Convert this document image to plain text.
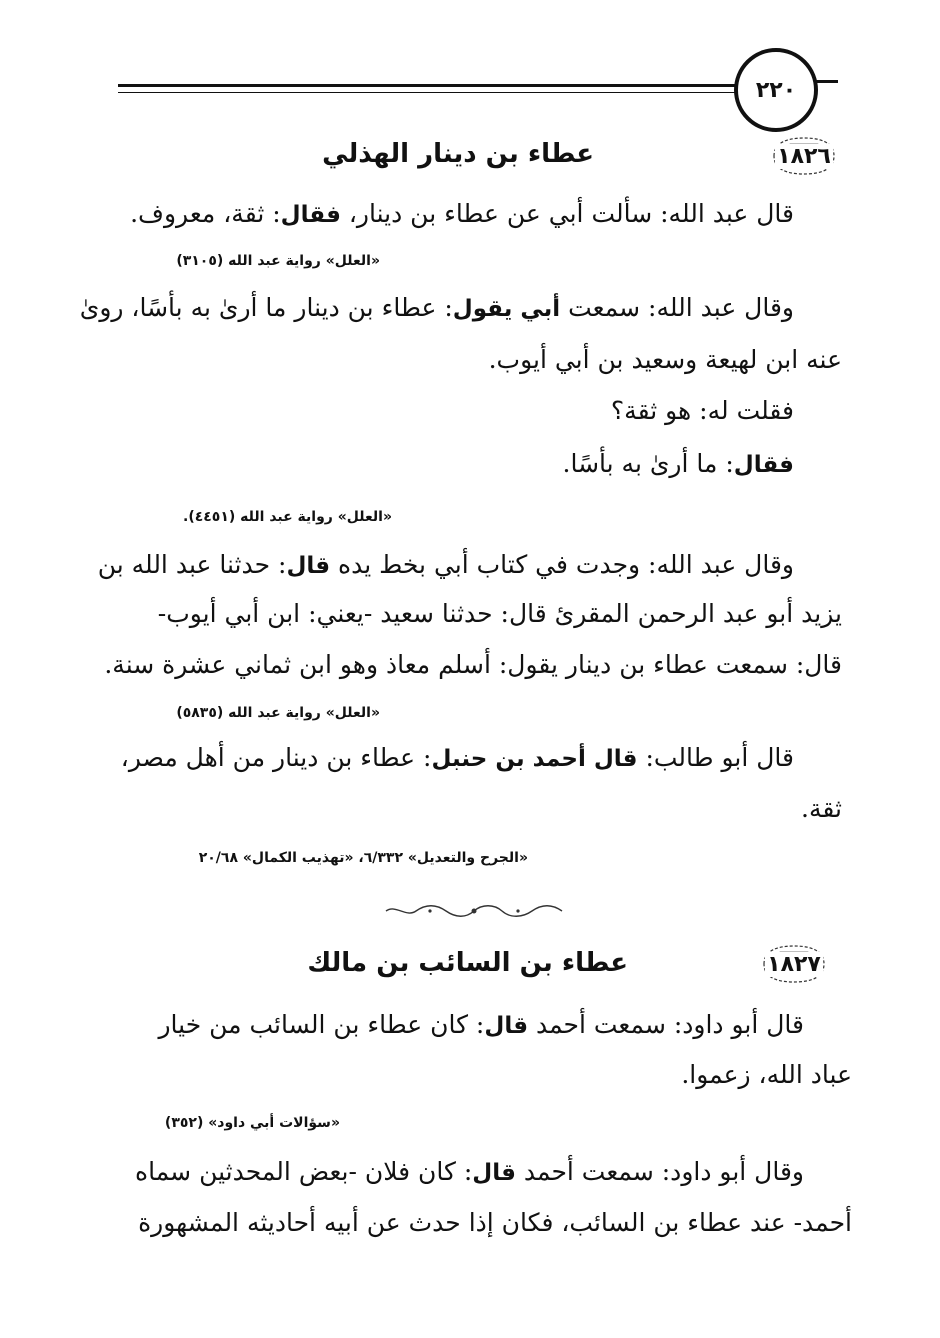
٢٢٠
١٨٢٦
عطاء بن دينار الهذلي
قال عبد الله: سألت أبي عن عطاء بن دينار، فقال: ثقة، معروف.
«العلل» رواية عبد الله (٣١٠٥)
وقال عبد الله: سمعت أبي يقول: عطاء بن دينار ما أرىٰ به بأسًا، روىٰ
عنه ابن لهيعة وسعيد بن أبي أيوب.
فقلت له: هو ثقة؟
فقال: ما أرىٰ به بأسًا.
«العلل» رواية عبد الله (٤٤٥١).
وقال عبد الله: وجدت في كتاب أبي بخط يده قال: حدثنا عبد الله بن
يزيد أبو عبد الرحمن المقرئ قال: حدثنا سعيد -يعني: ابن أبي أيوب-
قال: سمعت عطاء بن دينار يقول: أسلم معاذ وهو ابن ثماني عشرة سنة.
«العلل» رواية عبد الله (٥٨٣٥)
قال أبو طالب: قال أحمد بن حنبل: عطاء بن دينار من أهل مصر،
ثقة.
«الجرح والتعديل» ٦/٣٣٢، «تهذيب الكمال» ٢٠/٦٨
١٨٢٧
عطاء بن السائب بن مالك
قال أبو داود: سمعت أحمد قال: كان عطاء بن السائب من خيار
عباد الله، زعموا.
«سؤالات أبي داود» (٣٥٢)
وقال أبو داود: سمعت أحمد قال: كان فلان -بعض المحدثين سماه
أحمد- عند عطاء بن السائب، فكان إذا حدث عن أبيه أحاديثه المشهورة
